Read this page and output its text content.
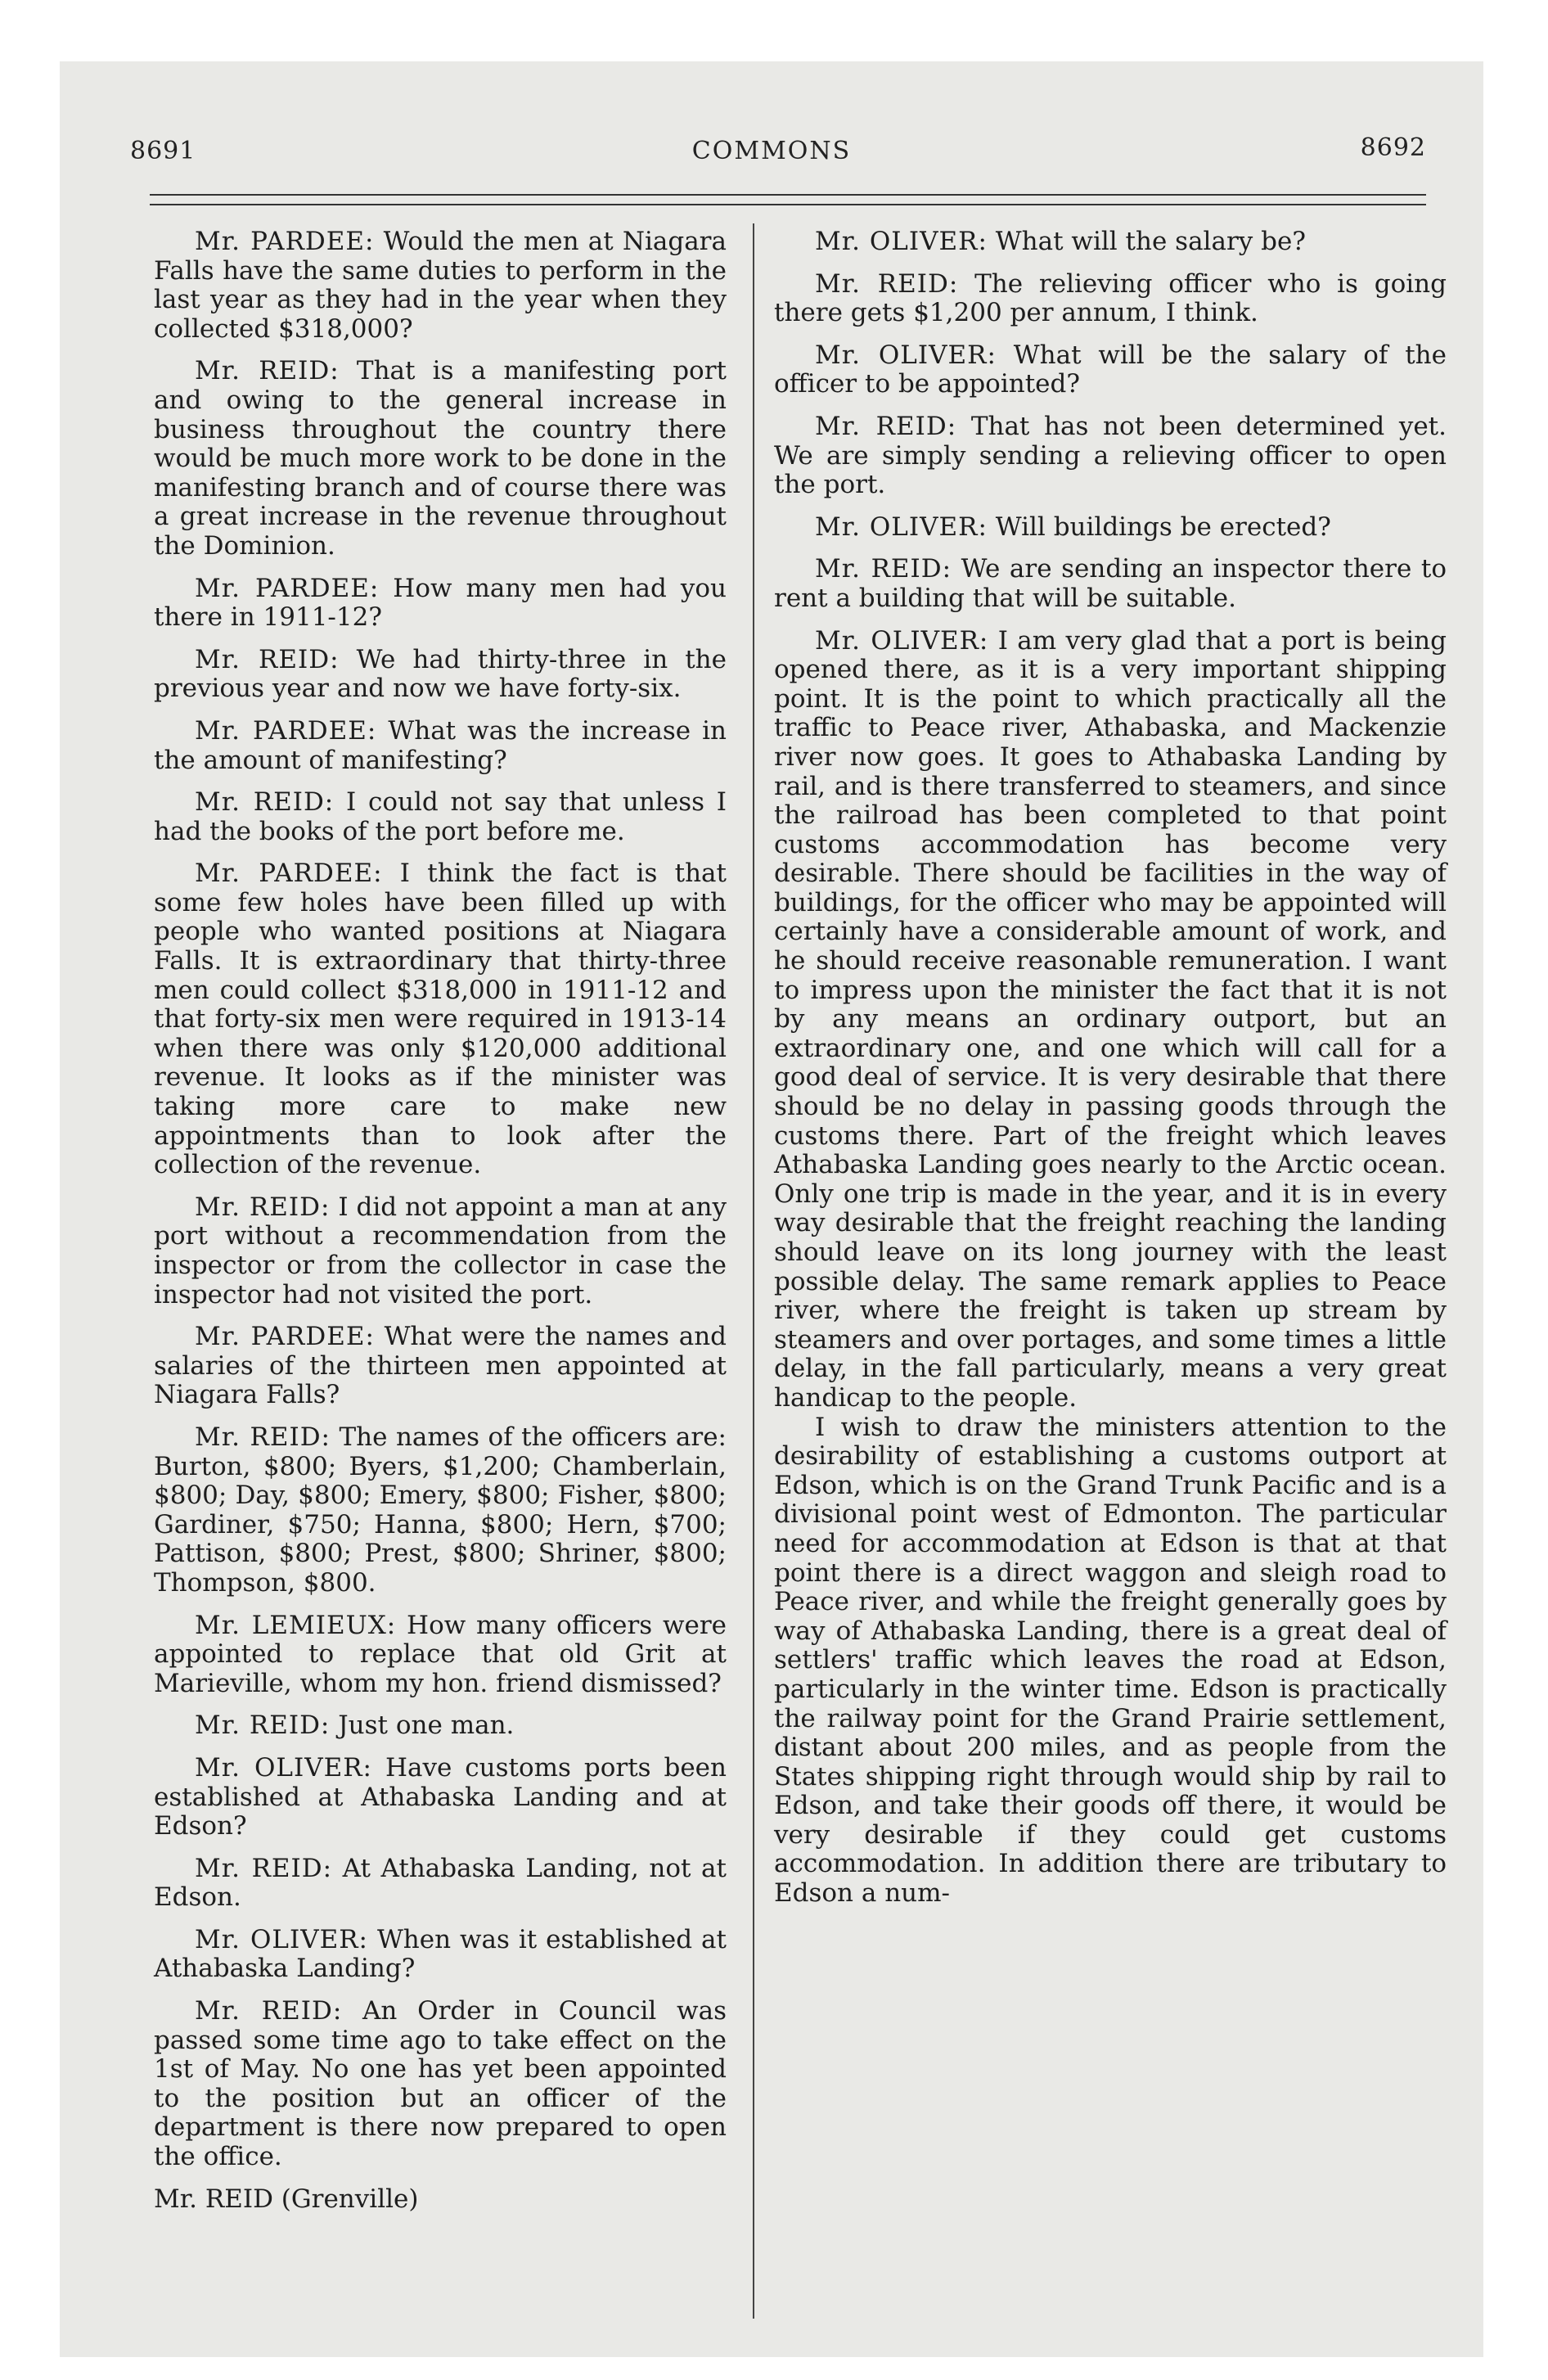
8691	COMMONS	8692

Mr. PARDEE: Would the men at Niagara Falls have the same duties to perform in the last year as they had in the year when they collected $318,000?

Mr. REID: That is a manifesting port and owing to the general increase in business throughout the country there would be much more work to be done in the manifesting branch and of course there was a great increase in the revenue throughout the Dominion.

Mr. PARDEE: How many men had you there in 1911-12?

Mr. REID: We had thirty-three in the previous year and now we have forty-six.

Mr. PARDEE: What was the increase in the amount of manifesting?

Mr. REID: I could not say that unless I had the books of the port before me.

Mr. PARDEE: I think the fact is that some few holes have been filled up with people who wanted positions at Niagara Falls. It is extraordinary that thirty-three men could collect $318,000 in 1911-12 and that forty-six men were required in 1913-14 when there was only $120,000 additional revenue. It looks as if the minister was taking more care to make new appointments than to look after the collection of the revenue.

Mr. REID: I did not appoint a man at any port without a recommendation from the inspector or from the collector in case the inspector had not visited the port.

Mr. PARDEE: What were the names and salaries of the thirteen men appointed at Niagara Falls?

Mr. REID: The names of the officers are: Burton, $800; Byers, $1,200; Chamberlain, $800; Day, $800; Emery, $800; Fisher, $800; Gardiner, $750; Hanna, $800; Hern, $700; Pattison, $800; Prest, $800; Shriner, $800; Thompson, $800.

Mr. LEMIEUX: How many officers were appointed to replace that old Grit at Marieville, whom my hon. friend dismissed?

Mr. REID: Just one man.

Mr. OLIVER: Have customs ports been established at Athabaska Landing and at Edson?

Mr. REID: At Athabaska Landing, not at Edson.

Mr. OLIVER: When was it established at Athabaska Landing?

Mr. REID: An Order in Council was passed some time ago to take effect on the 1st of May. No one has yet been appointed to the position but an officer of the department is there now prepared to open the office.

Mr. REID (Grenville)

Mr. OLIVER: What will the salary be?

Mr. REID: The relieving officer who is going there gets $1,200 per annum, I think.

Mr. OLIVER: What will be the salary of the officer to be appointed?

Mr. REID: That has not been determined yet. We are simply sending a relieving officer to open the port.

Mr. OLIVER: Will buildings be erected?

Mr. REID: We are sending an inspector there to rent a building that will be suitable.

Mr. OLIVER: I am very glad that a port is being opened there, as it is a very important shipping point. It is the point to which practically all the traffic to Peace river, Athabaska, and Mackenzie river now goes. It goes to Athabaska Landing by rail, and is there transferred to steamers, and since the railroad has been completed to that point customs accommodation has become very desirable. There should be facilities in the way of buildings, for the officer who may be appointed will certainly have a considerable amount of work, and he should receive reasonable remuneration. I want to impress upon the minister the fact that it is not by any means an ordinary outport, but an extraordinary one, and one which will call for a good deal of service. It is very desirable that there should be no delay in passing goods through the customs there. Part of the freight which leaves Athabaska Landing goes nearly to the Arctic ocean. Only one trip is made in the year, and it is in every way desirable that the freight reaching the landing should leave on its long journey with the least possible delay. The same remark applies to Peace river, where the freight is taken up stream by steamers and over portages, and some times a little delay, in the fall particularly, means a very great handicap to the people.

I wish to draw the ministers attention to the desirability of establishing a customs outport at Edson, which is on the Grand Trunk Pacific and is a divisional point west of Edmonton. The particular need for accommodation at Edson is that at that point there is a direct waggon and sleigh road to Peace river, and while the freight generally goes by way of Athabaska Landing, there is a great deal of settlers' traffic which leaves the road at Edson, particularly in the winter time. Edson is practically the railway point for the Grand Prairie settlement, distant about 200 miles, and as people from the States shipping right through would ship by rail to Edson, and take their goods off there, it would be very desirable if they could get customs accommodation. In addition there are tributary to Edson a num-
